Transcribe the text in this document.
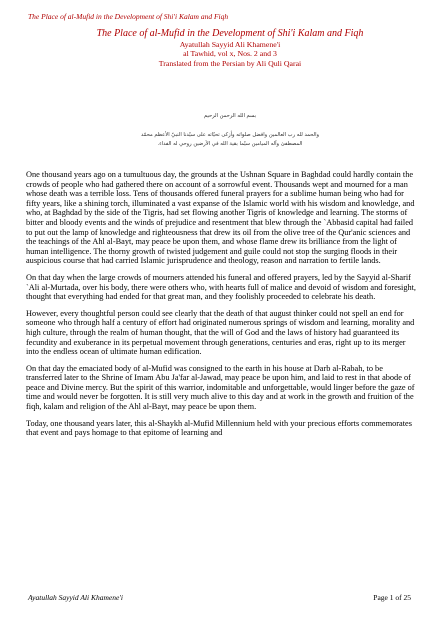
The Place of al-Mufid in the Development of Shi'i Kalam and Fiqh
The Place of al-Mufid in the Development of Shi'i Kalam and Fiqh
Ayatullah Sayyid Ali Khamene'i
al Tawhid, vol x, Nos. 2 and 3
Translated from the Persian by Ali Quli Qarai
بسم الله الرحمن الرحيم
والحمد لله رب العالمين وافضل صلواته وأزكى تحيّاته على سيّدنا النبيّ الأعظم محمّد
المصطفىٰ وآله الميامين سيّما بقية الله في الأرضين روحي له الفداء.

One thousand years ago on a tumultuous day, the grounds at the Ushnan Square in Baghdad could hardly contain the crowds of people who had gathered there on account of a sorrowful event. Thousands wept and mourned for a man whose death was a terrible loss. Tens of thousands offered funeral prayers for a sublime human being who had for fifty years, like a shining torch, illuminated a vast expanse of the Islamic world with his wisdom and knowledge, and who, at Baghdad by the side of the Tigris, had set flowing another Tigris of knowledge and learning. The storms of bitter and bloody events and the winds of prejudice and resentment that blew through the `Abbasid capital had failed to put out the lamp of knowledge and righteousness that drew its oil from the olive tree of the Qur'anic sciences and the teachings of the Ahl al-Bayt, may peace be upon them, and whose flame drew its brilliance from the light of human intelligence. The thorny growth of twisted judgement and guile could not stop the surging floods in their auspicious course that had carried Islamic jurisprudence and theology, reason and narration to fertile lands.

On that day when the large crowds of mourners attended his funeral and offered prayers, led by the Sayyid al-Sharif `Ali al-Murtada, over his body, there were others who, with hearts full of malice and devoid of wisdom and foresight, thought that everything had ended for that great man, and they foolishly proceeded to celebrate his death.

However, every thoughtful person could see clearly that the death of that august thinker could not spell an end for someone who through half a century of effort had originated numerous springs of wisdom and learning, morality and high culture, through the realm of human thought, that the will of God and the laws of history had guaranteed its fecundity and exuberance in its perpetual movement through generations, centuries and eras, right up to its merger into the endless ocean of ultimate human edification.

On that day the emaciated body of al-Mufid was consigned to the earth in his house at Darb al-Rabah, to be transferred later to the Shrine of Imam Abu Ja'far al-Jawad, may peace be upon him, and laid to rest in that abode of peace and Divine mercy. But the spirit of this warrior, indomitable and unforgettable, would linger before the gaze of time and would never be forgotten. It is still very much alive to this day and at work in the growth and fruition of the fiqh, kalam and religion of the Ahl al-Bayt, may peace be upon them.

Today, one thousand years later, this al-Shaykh al-Mufid Millennium held with your precious efforts commemorates that event and pays homage to that epitome of learning and

Ayatullah Sayyid Ali Khamene'i	Page 1 of 25
